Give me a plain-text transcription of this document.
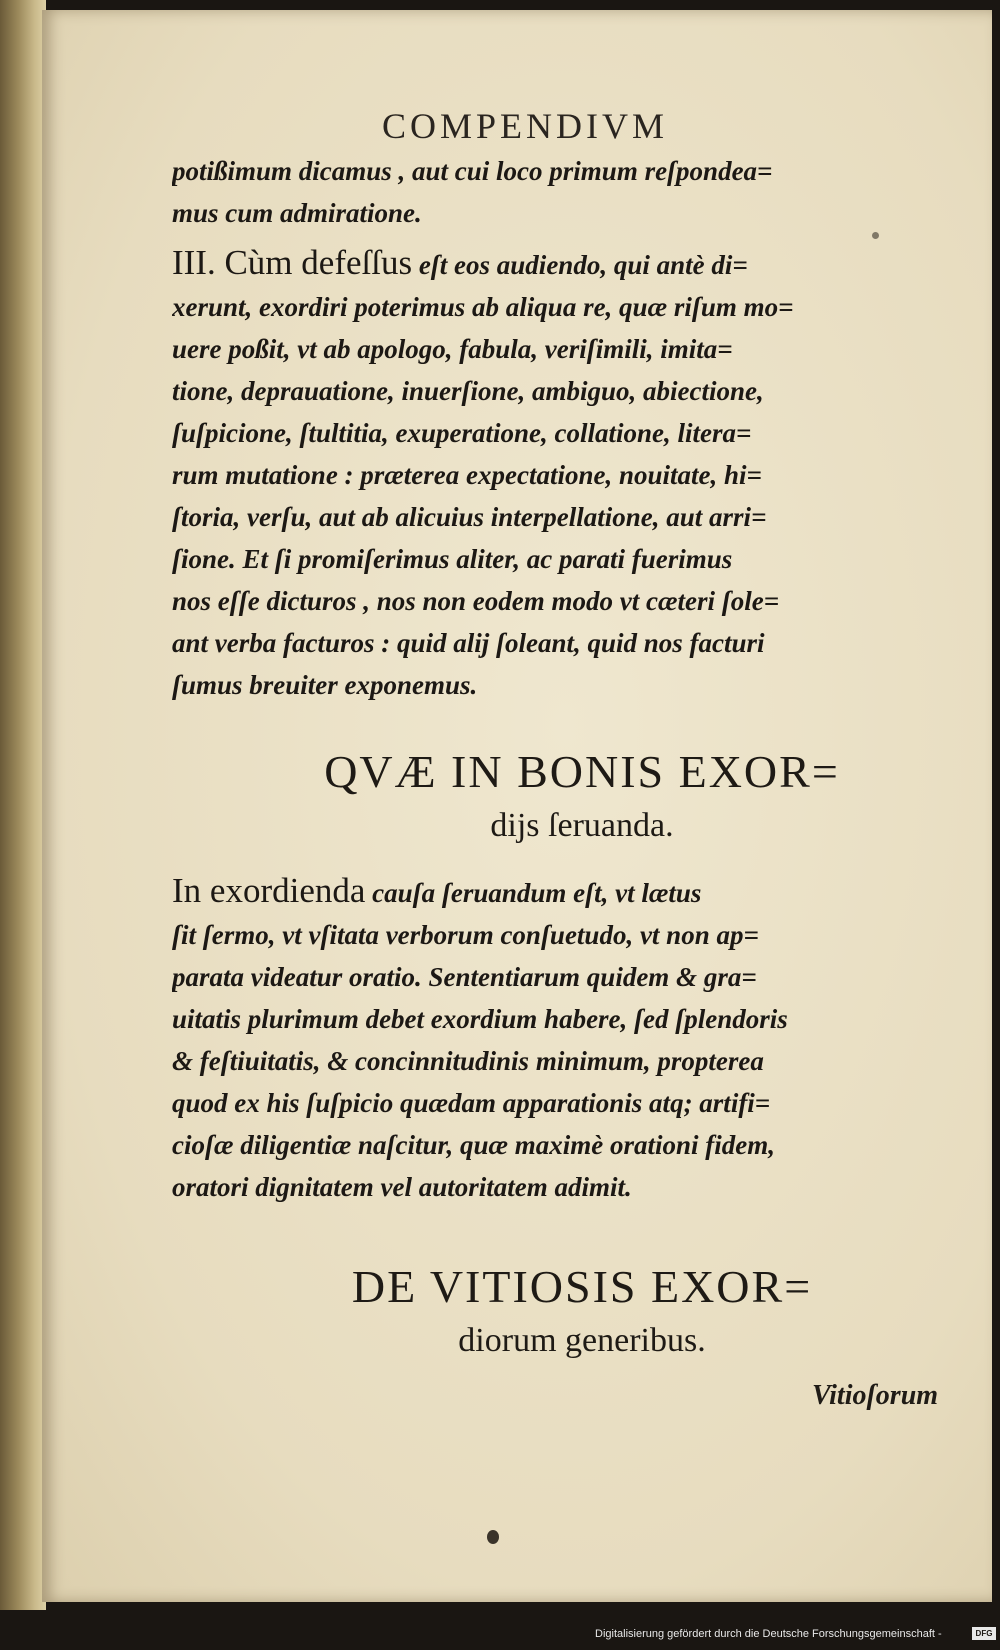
COMPENDIVM
potißimum dicamus , aut cui loco primum reſpondea=
mus cum admiratione.
III. Cùm defeſſus eſt eos audiendo, qui antè di=
xerunt, exordiri poterimus ab aliqua re, quæ riſum mo=
uere poßit, vt ab apologo, fabula, veriſimili, imita=
tione, deprauatione, inuerſione, ambiguo, abiectione,
ſuſpicione, ſtultitia, exuperatione, collatione, litera=
rum mutatione : præterea expectatione, nouitate, hi=
ſtoria, verſu, aut ab alicuius interpellatione, aut arri=
ſione. Et ſi promiſerimus aliter, ac parati fuerimus
nos eſſe dicturos , nos non eodem modo vt cæteri ſole=
ant verba facturos : quid alij ſoleant, quid nos facturi
ſumus breuiter exponemus.
QVÆ IN BONIS EXOR=
dijs ſeruanda.
In exordienda cauſa ſeruandum eſt, vt lætus
ſit ſermo, vt vſitata verborum conſuetudo, vt non ap=
parata videatur oratio. Sententiarum quidem & gra=
uitatis plurimum debet exordium habere, ſed ſplendoris
& feſtiuitatis, & concinnitudinis minimum, propterea
quod ex his ſuſpicio quædam apparationis atq; artifi=
cioſæ diligentiæ naſcitur, quæ maximè orationi fidem,
oratori dignitatem vel autoritatem adimit.
DE VITIOSIS EXOR=
diorum generibus.
Vitioſorum
Digitalisierung gefördert durch die Deutsche Forschungsgemeinschaft -	DFG
